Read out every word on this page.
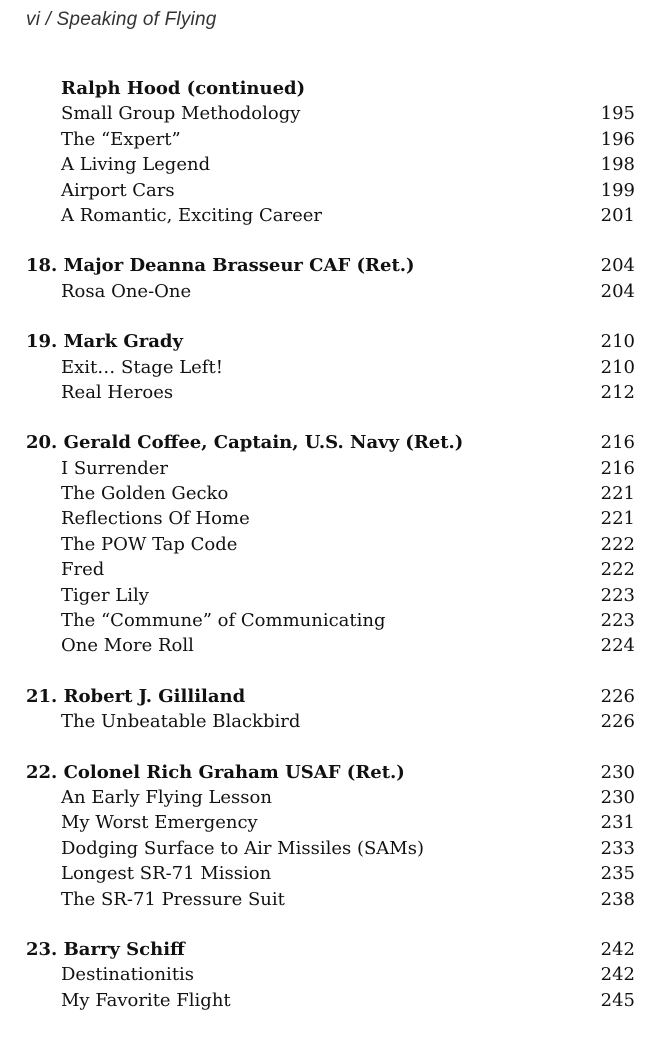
vi / Speaking of Flying
Ralph Hood (continued)
Small Group Methodology	195
The “Expert”	196
A Living Legend	198
Airport Cars	199
A Romantic, Exciting Career	201
18. Major Deanna Brasseur CAF (Ret.)	204
Rosa One-One	204
19. Mark Grady	210
Exit… Stage Left!	210
Real Heroes	212
20. Gerald Coffee, Captain, U.S. Navy (Ret.)	216
I Surrender	216
The Golden Gecko	221
Reflections Of Home	221
The POW Tap Code	222
Fred	222
Tiger Lily	223
The “Commune” of Communicating	223
One More Roll	224
21. Robert J. Gilliland	226
The Unbeatable Blackbird	226
22. Colonel Rich Graham USAF (Ret.)	230
An Early Flying Lesson	230
My Worst Emergency	231
Dodging Surface to Air Missiles (SAMs)	233
Longest SR-71 Mission	235
The SR-71 Pressure Suit	238
23. Barry Schiff	242
Destinationitis	242
My Favorite Flight	245
